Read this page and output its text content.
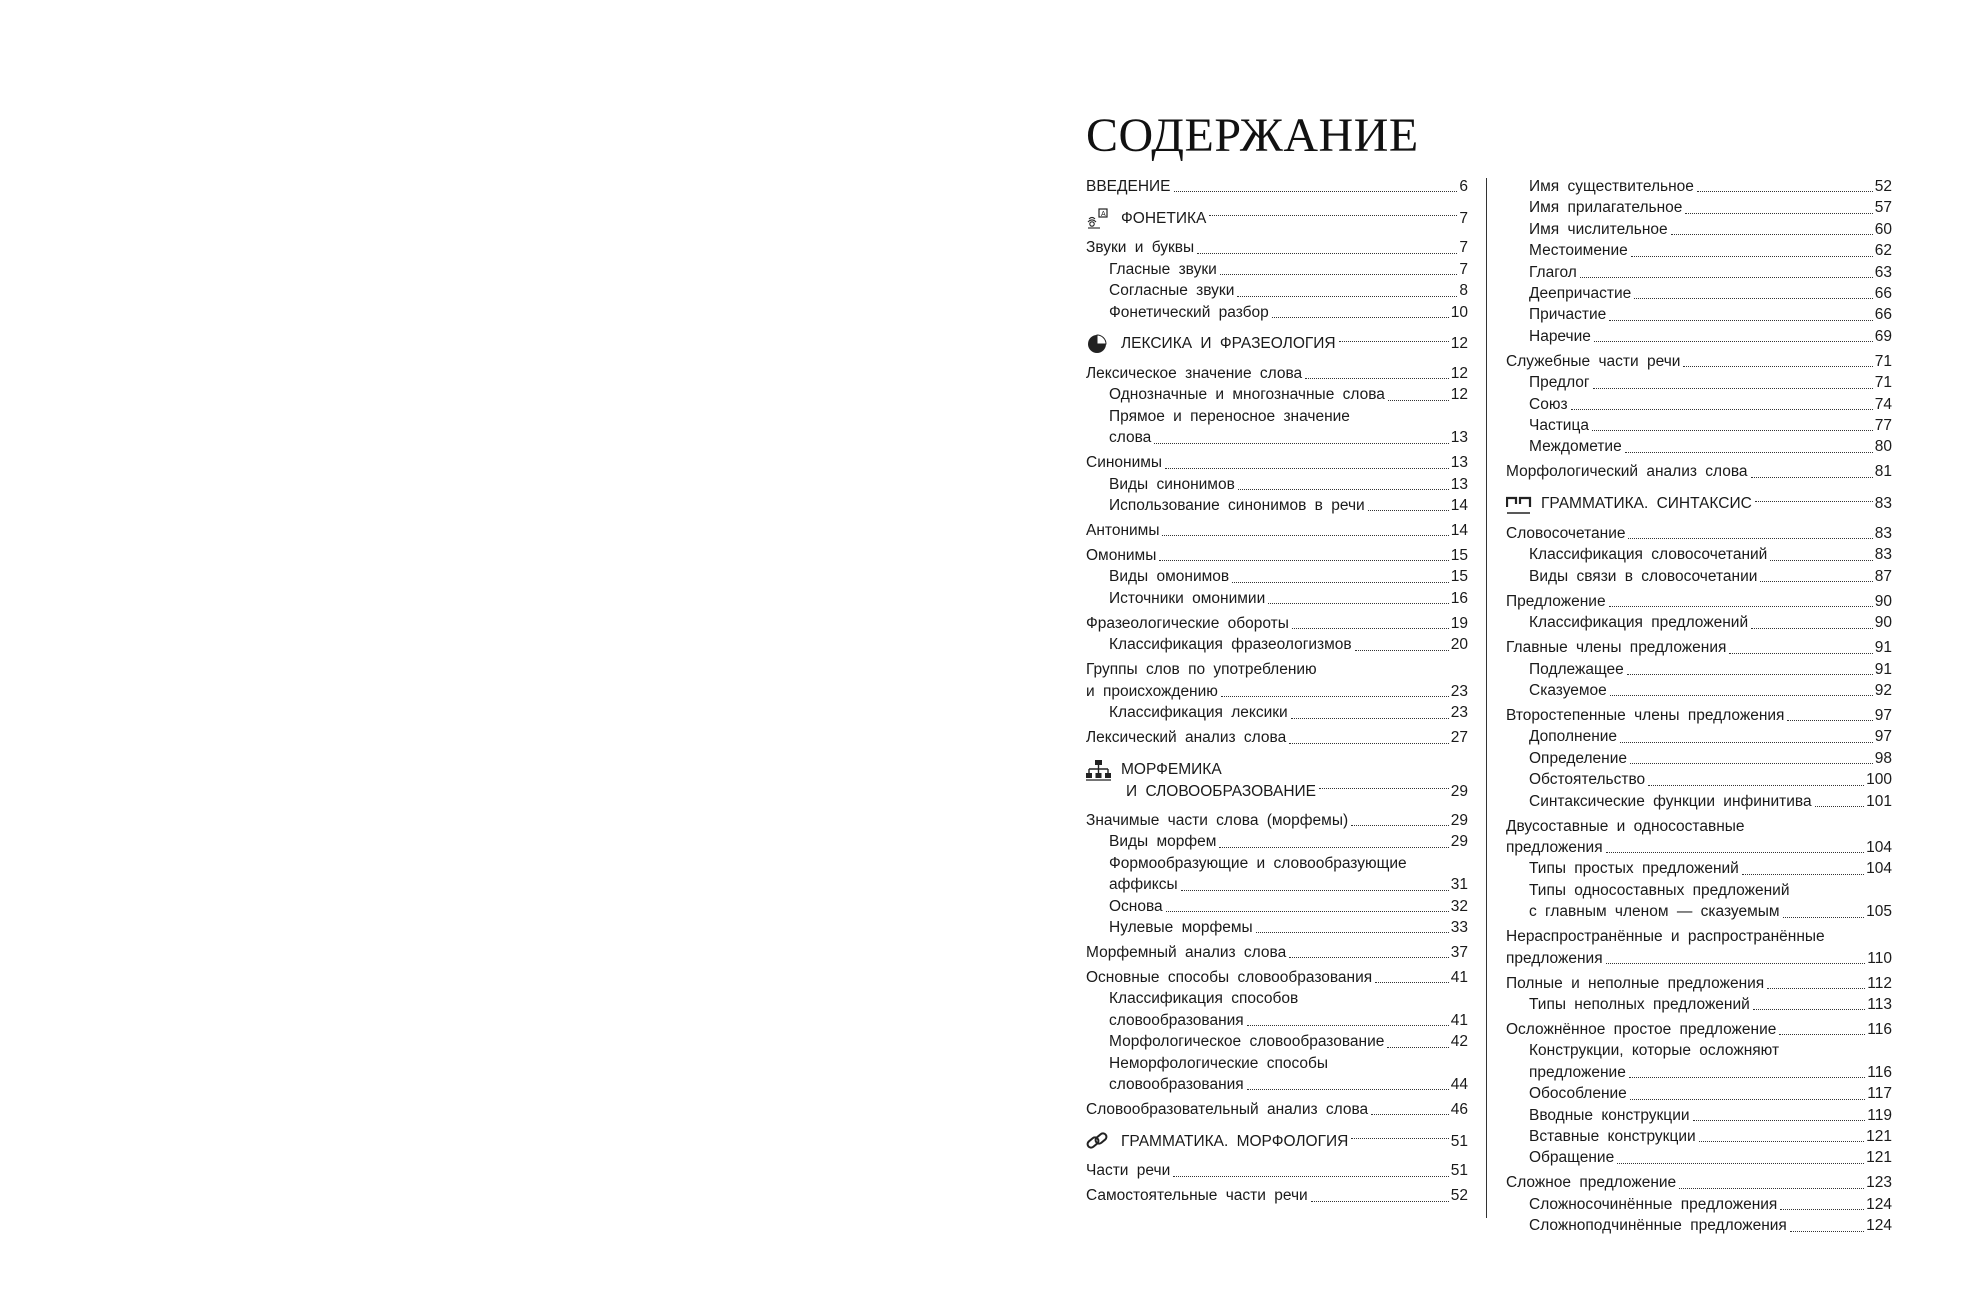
СОДЕРЖАНИЕ
ВВЕДЕНИЕ	6
A ФОНЕТИКА	7
Звуки и буквы	7
Гласные звуки	7
Согласные звуки	8
Фонетический разбор	10
ЛЕКСИКА И ФРАЗЕОЛОГИЯ	12
Лексическое значение слова	12
Однозначные и многозначные слова	12
Прямое и переносное значение
слова	13
Синонимы	13
Виды синонимов	13
Использование синонимов в речи	14
Антонимы	14
Омонимы	15
Виды омонимов	15
Источники омонимии	16
Фразеологические обороты	19
Классификация фразеологизмов	20
Группы слов по употреблению
и происхождению	23
Классификация лексики	23
Лексический анализ слова	27
МОРФЕМИКА
И СЛОВООБРАЗОВАНИЕ	29
Значимые части слова (морфемы)	29
Виды морфем	29
Формообразующие и словообразующие
аффиксы	31
Основа	32
Нулевые морфемы	33
Морфемный анализ слова	37
Основные способы словообразования	41
Классификация способов
словообразования	41
Морфологическое словообразование	42
Неморфологические способы
словообразования	44
Словообразовательный анализ слова	46
ГРАММАТИКА. МОРФОЛОГИЯ	51
Части речи	51
Самостоятельные части речи	52
Имя существительное	52
Имя прилагательное	57
Имя числительное	60
Местоимение	62
Глагол	63
Деепричастие	66
Причастие	66
Наречие	69
Служебные части речи	71
Предлог	71
Союз	74
Частица	77
Междометие	80
Морфологический анализ слова	81
ГРАММАТИКА. СИНТАКСИС	83
Словосочетание	83
Классификация словосочетаний	83
Виды связи в словосочетании	87
Предложение	90
Классификация предложений	90
Главные члены предложения	91
Подлежащее	91
Сказуемое	92
Второстепенные члены предложения	97
Дополнение	97
Определение	98
Обстоятельство	100
Синтаксические функции инфинитива	101
Двусоставные и односоставные
предложения	104
Типы простых предложений	104
Типы односоставных предложений
с главным членом — сказуемым	105
Нераспространённые и распространённые
предложения	110
Полные и неполные предложения	112
Типы неполных предложений	113
Осложнённое простое предложение	116
Конструкции, которые осложняют
предложение	116
Обособление	117
Вводные конструкции	119
Вставные конструкции	121
Обращение	121
Сложное предложение	123
Сложносочинённые предложения	124
Сложноподчинённые предложения	124
